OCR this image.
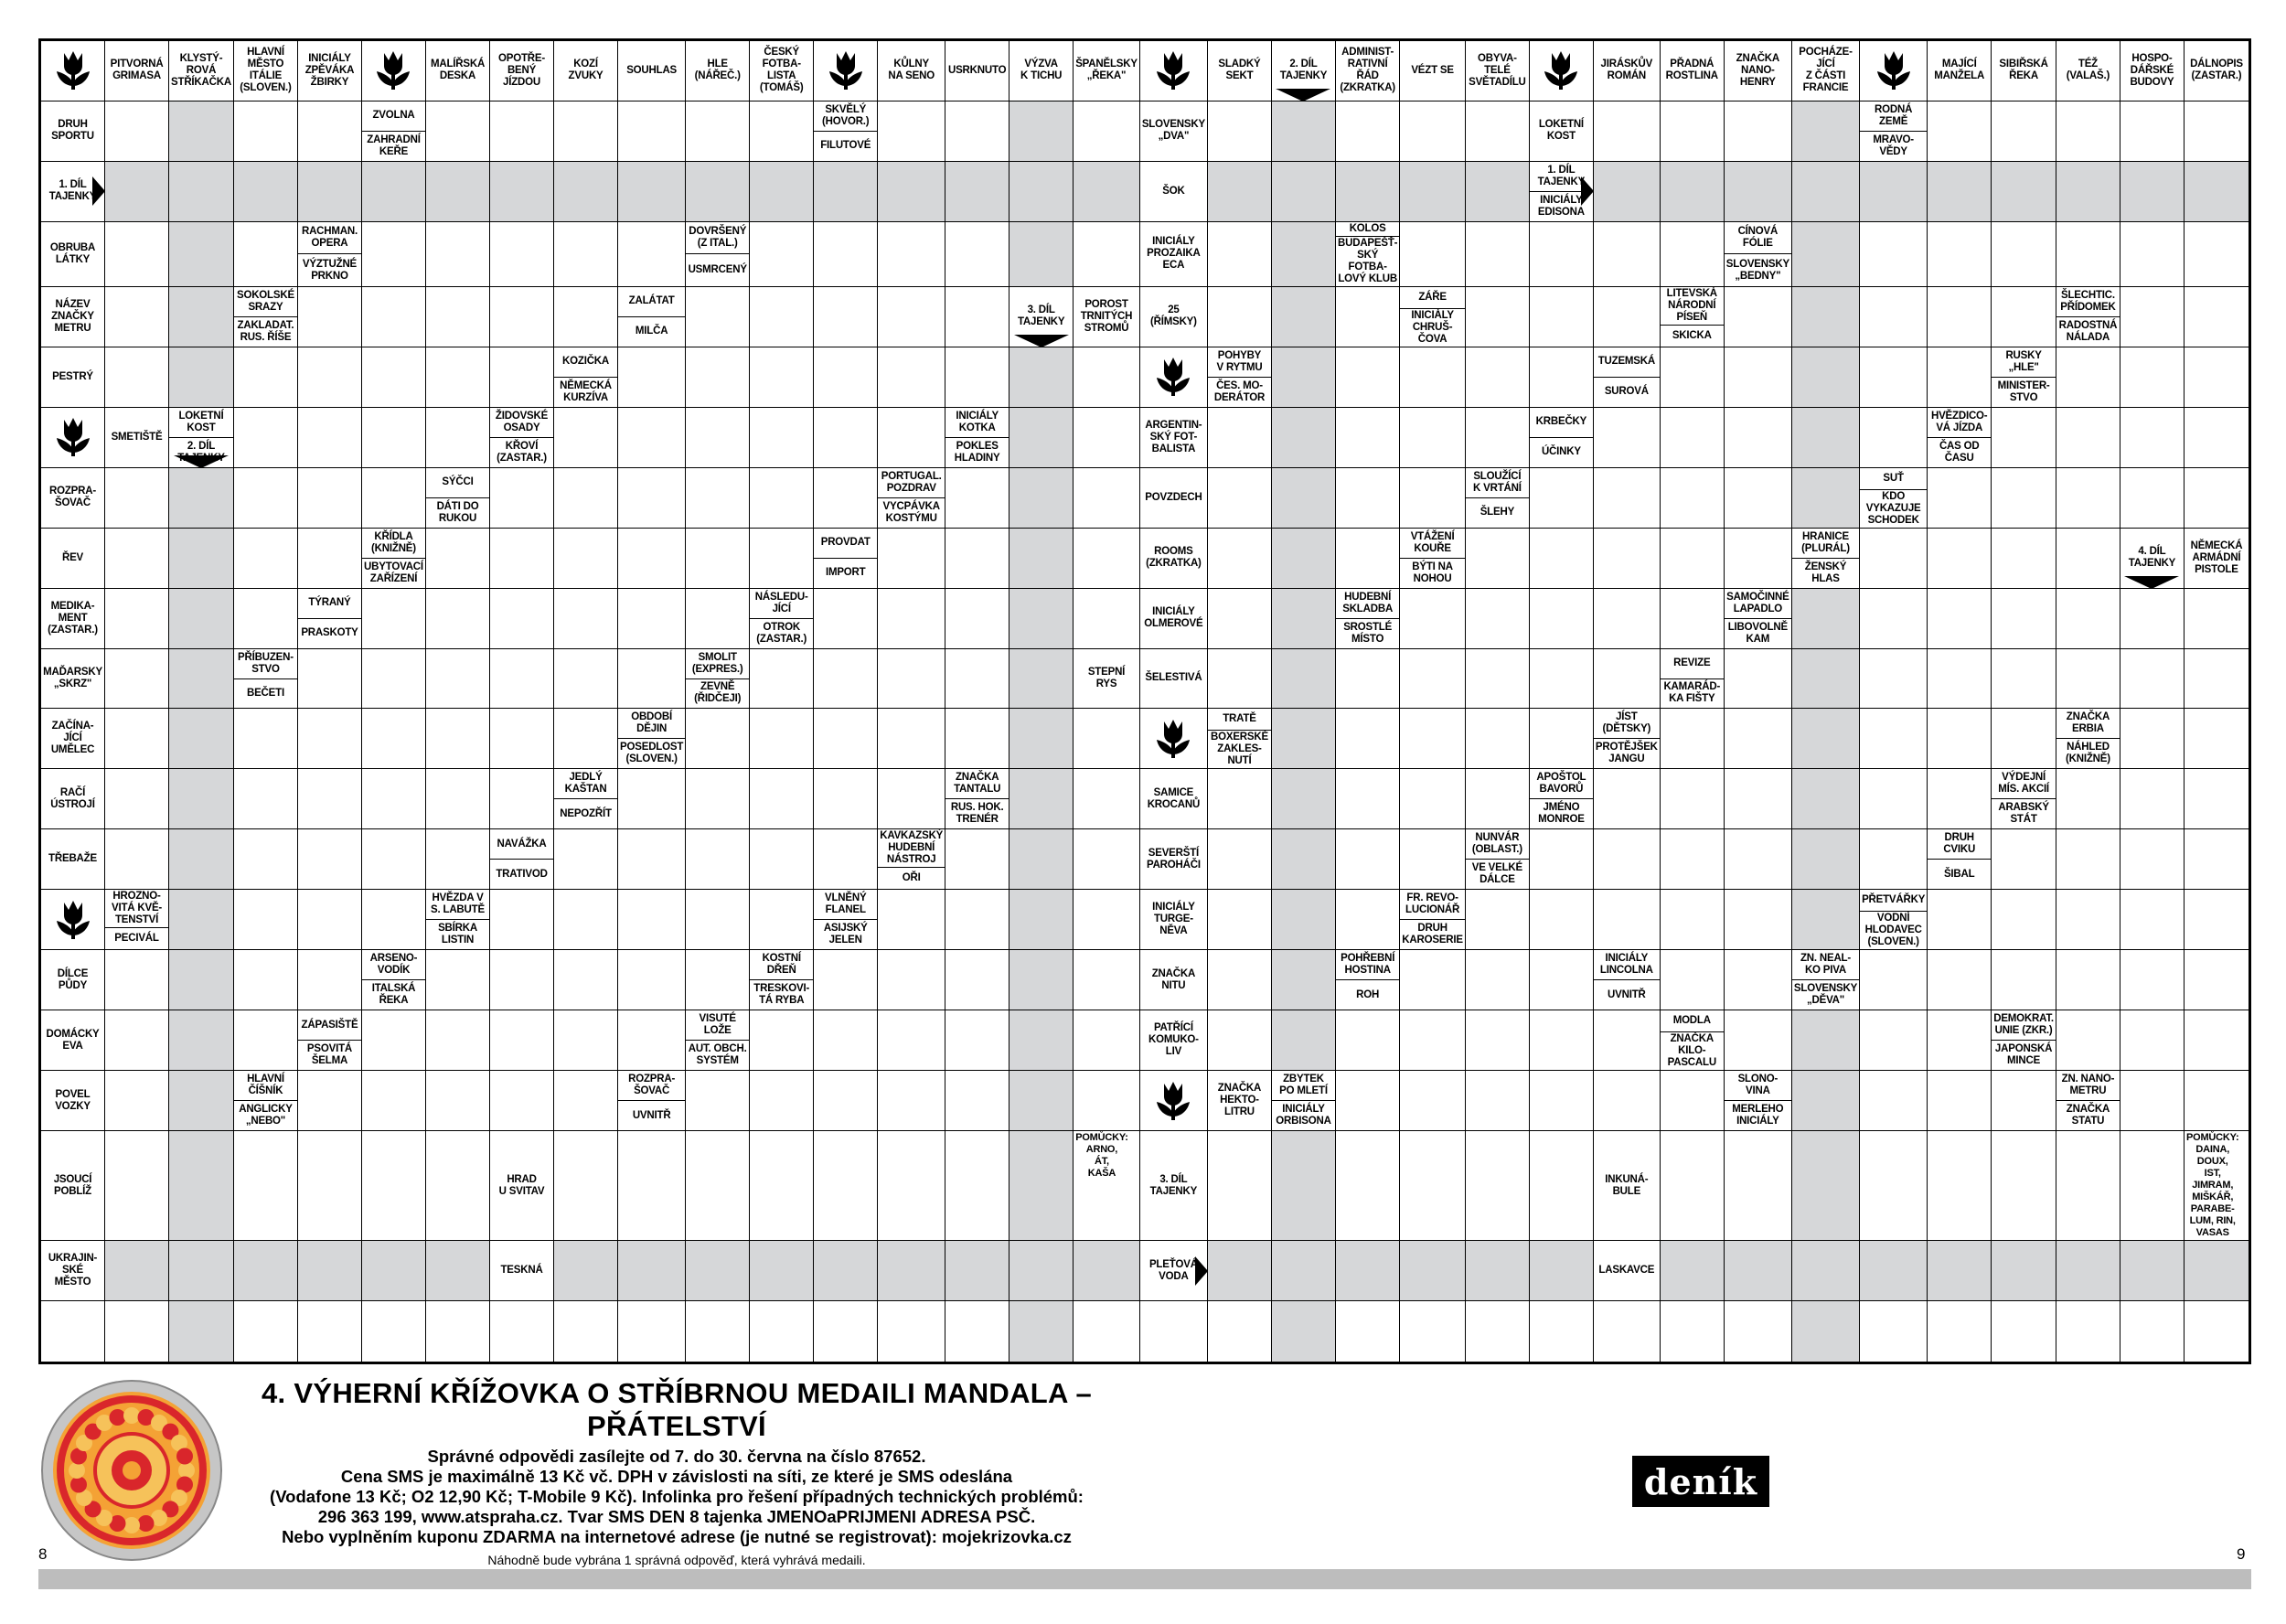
PITVORNÁ
GRIMASA
KLYSTÝ-
ROVÁ
STŘÍKAČKA
HLAVNÍ
MĚSTO
ITÁLIE
(SLOVEN.)
INICIÁLY
ZPĚVÁKA
ŽBIRKY
MALÍŘSKÁ
DESKA
OPOTŘE-
BENÝ
JÍZDOU
KOZÍ
ZVUKY
SOUHLAS
HLE
(NÁŘEČ.)
ČESKÝ
FOTBA-
LISTA
(TOMÁŠ)
KŮLNY
NA SENO
USRKNUTO
VÝZVA
K TICHU
ŠPANĚLSKY
„ŘEKA"
SLADKÝ
SEKT
2. DÍL
TAJENKY
ADMINIST-
RATIVNÍ
ŘÁD
(ZKRATKA)
VÉZT SE
OBYVA-
TELÉ
SVĚTADÍLU
JIRÁSKŮV
ROMÁN
PŘADNÁ
ROSTLINA
ZNAČKA
NANO-
HENRY
POCHÁZE-
JÍCÍ
Z ČÁSTI
FRANCIE
MAJÍCÍ
MANŽELA
SIBIŘSKÁ
ŘEKA
TÉŽ
(VALAŠ.)
HOSPO-
DÁŘSKÉ
BUDOVY
DÁLNOPIS
(ZASTAR.)
DRUH
SPORTU
ZVOLNA
ZAHRADNÍ
KEŘE
SKVĚLÝ
(HOVOR.)
FILUTOVÉ
SLOVENSKY
„DVA"
LOKETNÍ
KOST
RODNÁ
ZEMĚ
MRAVO-
VĚDY
1. DÍL
TAJENKY
ŠOK
1. DÍL
TAJENKY
INICIÁLY
EDISONA
OBRUBA
LÁTKY
RACHMAN.
OPERA
VÝZTUŽNÉ
PRKNO
DOVRŠENÝ
(Z ITAL.)
USMRCENÝ
INICIÁLY
PROZAIKA
ECA
KOLOS
BUDAPEŠŤ-
SKÝ FOTBA-
LOVÝ KLUB
CÍNOVÁ
FÓLIE
SLOVENSKY
„BEDNY"
NÁZEV
ZNAČKY
METRU
SOKOLSKÉ
SRAZY
ZAKLADAT.
RUS. ŘÍŠE
ZALÁTAT
MILČA
3. DÍL
TAJENKY
POROST
TRNITÝCH
STROMŮ
25
(ŘÍMSKY)
ZÁŘE
INICIÁLY
CHRUŠ-
ČOVA
LITEVSKÁ
NÁRODNÍ
PÍSEŇ
SKICKA
ŠLECHTIC.
PŘÍDOMEK
RADOSTNÁ
NÁLADA
PESTRÝ
KOZIČKA
NĚMECKÁ
KURZÍVA
POHYBY
V RYTMU
ČES. MO-
DERÁTOR
TUZEMSKÁ
SUROVÁ
RUSKY
„HLE"
MINISTER-
STVO
SMETIŠTĚ
LOKETNÍ
KOST
2. DÍL
TAJENKY
ŽIDOVSKÉ
OSADY
KŘOVÍ
(ZASTAR.)
INICIÁLY
KOTKA
POKLES
HLADINY
ARGENTIN-
SKÝ FOT-
BALISTA
KRBEČKY
ÚČINKY
HVĚZDICO-
VÁ JÍZDA
ČAS OD
ČASU
ROZPRA-
ŠOVAČ
SÝČCI
DÁTI DO
RUKOU
PORTUGAL.
POZDRAV
VYCPÁVKA
KOSTÝMU
POVZDECH
SLOUŽÍCÍ
K VRTÁNÍ
ŠLEHY
SUŤ
KDO
VYKAZUJE
SCHODEK
ŘEV
KŘÍDLA
(KNIŽNĚ)
UBYTOVACÍ
ZAŘÍZENÍ
PROVDAT
IMPORT
ROOMS
(ZKRATKA)
VTÁŽENÍ
KOUŘE
BÝTI NA
NOHOU
HRANICE
(PLURÁL)
ŽENSKÝ
HLAS
4. DÍL
TAJENKY
NĚMECKÁ
ARMÁDNÍ
PISTOLE
MEDIKA-
MENT
(ZASTAR.)
TÝRANÝ
PRASKOTY
NÁSLEDU-
JÍCÍ
OTROK
(ZASTAR.)
INICIÁLY
OLMEROVÉ
HUDEBNÍ
SKLADBA
SROSTLÉ
MÍSTO
SAMOČINNÉ
LAPADLO
LIBOVOLNĚ
KAM
MAĎARSKY
„SKRZ"
PŘÍBUZEN-
STVO
BEČETI
SMOLIT
(EXPRES.)
ZEVNĚ
(ŘIDČEJI)
STEPNÍ
RYS
ŠELESTIVÁ
REVIZE
KAMARÁD-
KA FIŠTY
ZAČÍNA-
JÍCÍ
UMĚLEC
OBDOBÍ
DĚJIN
POSEDLOST
(SLOVEN.)
TRATĚ
BOXERSKÉ
ZAKLES-
NUTÍ
JÍST
(DĚTSKY)
PROTĚJŠEK
JANGU
ZNAČKA
ERBIA
NÁHLED
(KNIŽNĚ)
RAČÍ
ÚSTROJÍ
JEDLÝ
KAŠTAN
NEPOZŘÍT
ZNAČKA
TANTALU
RUS. HOK.
TRENÉR
SAMICE
KROCANŮ
APOŠTOL
BAVORŮ
JMÉNO
MONROE
VÝDEJNÍ
MÍS. AKCIÍ
ARABSKÝ
STÁT
TŘEBAŽE
NAVÁŽKA
TRATIVOD
KAVKAZSKÝ
HUDEBNÍ
NÁSTROJ
OŘI
SEVERŠTÍ
PAROHÁČI
NUNVÁR
(OBLAST.)
VE VELKÉ
DÁLCE
DRUH
CVIKU
ŠIBAL
HROZNO-
VITÁ KVĚ-
TENSTVÍ
PECIVÁL
HVĚZDA V
S. LABUTĚ
SBÍRKA
LISTIN
VLNĚNÝ
FLANEL
ASIJSKÝ
JELEN
INICIÁLY
TURGE-
NĚVA
FR. REVO-
LUCIONÁŘ
DRUH
KAROSERIE
PŘETVÁŘKY
VODNÍ
HLODAVEC
(SLOVEN.)
DÍLCE
PŮDY
ARSENO-
VODÍK
ITALSKÁ
ŘEKA
KOSTNÍ
DŘEŇ
TRESKOVI-
TÁ RYBA
ZNAČKA
NITU
POHŘEBNÍ
HOSTINA
ROH
INICIÁLY
LINCOLNA
UVNITŘ
ZN. NEAL-
KO PIVA
SLOVENSKY
„DĚVA"
DOMÁCKY
EVA
ZÁPASIŠTĚ
PSOVITÁ
ŠELMA
VISUTÉ
LOŽE
AUT. OBCH.
SYSTÉM
PATŘÍCÍ
KOMUKO-
LIV
MODLA
ZNAČKA
KILO-
PASCALU
DEMOKRAT.
UNIE (ZKR.)
JAPONSKÁ
MINCE
POVEL
VOZKY
HLAVNÍ
ČÍŠNÍK
ANGLICKY
„NEBO"
ROZPRA-
ŠOVAČ
UVNITŘ
ZNAČKA
HEKTO-
LITRU
ZBYTEK
PO MLETÍ
INICIÁLY
ORBISONA
SLONO-
VINA
MERLEHO
INICIÁLY
ZN. NANO-
METRU
ZNAČKA
STATU
JSOUCÍ
POBLÍŽ
HRAD
U SVITAV
POMŮCKY:
ARNO,
ÁT,
KAŠA
3. DÍL
TAJENKY
INKUNÁ-
BULE
POMŮCKY:
DAINA,
DOUX,
IST,
JIMRAM,
MIŠKÁŘ,
PARABE-
LUM, RIN,
VASAS
UKRAJIN-
SKÉ
MĚSTO
TESKNÁ
PLEŤOVÁ
VODA
LASKAVCE

4. VÝHERNÍ KŘÍŽOVKA O STŘÍBRNOU MEDAILI MANDALA – PŘÁTELSTVÍ

Správné odpovědi zasílejte od 7. do 30. června na číslo 87652.

Cena SMS je maximálně 13 Kč vč. DPH v závislosti na síti, ze které je SMS odeslána

(Vodafone 13 Kč; O2 12,90 Kč; T-Mobile 9 Kč). Infolinka pro řešení případných technických problémů:

296 363 199, www.atspraha.cz. Tvar SMS DEN 8 tajenka JMENOaPRIJMENI ADRESA PSČ.

Nebo vyplněním kuponu ZDARMA na internetové adrese (je nutné se registrovat): mojekrizovka.cz

Náhodně bude vybrána 1 správná odpověď, která vyhrává medaili.

deník
8	9
